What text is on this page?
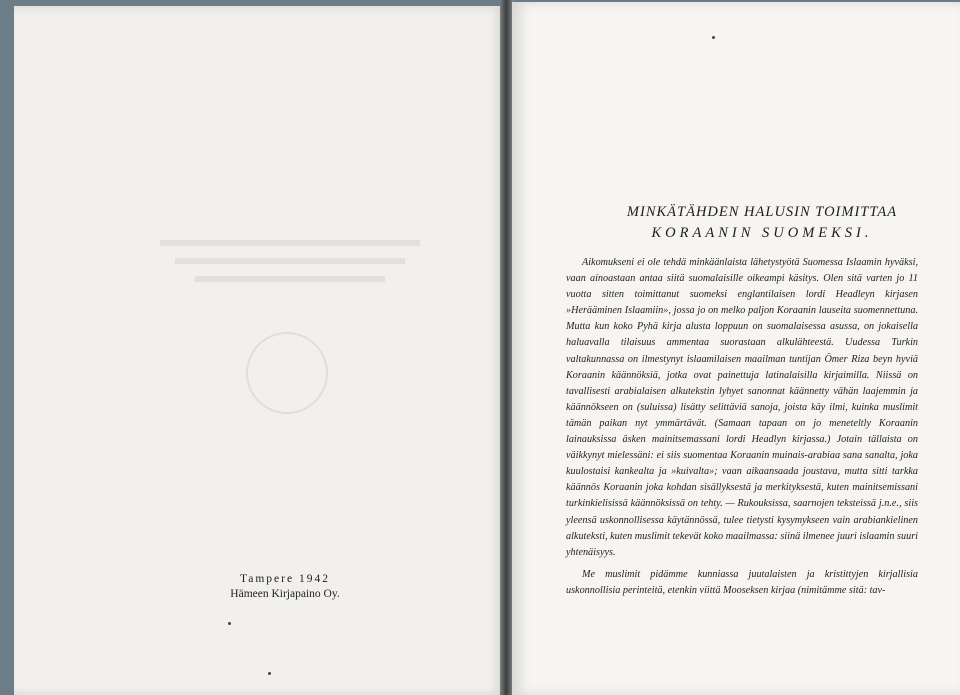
Tampere 1942
Hämeen Kirjapaino Oy.
MINKÄTÄHDEN HALUSIN TOIMITTAA
KORAANIN SUOMEKSI.

Aikomukseni ei ole tehdä minkäänlaista lähetystyötä Suomessa Islaamin hyväksi, vaan ainoastaan antaa siitä suomalaisille oikeampi käsitys. Olen sitä varten jo 11 vuotta sitten toimittanut suomeksi englantilaisen lordi Headleyn kirjasen »Herääminen Islaamiin», jossa jo on melko paljon Koraanin lauseita suomennettuna. Mutta kun koko Pyhä kirja alusta loppuun on suomalaisessa asussa, on jokaisella haluavalla tilaisuus ammentaa suorastaan alkulähteestä. Uudessa Turkin valtakunnassa on ilmestynyt islaamilaisen maailman tuntijan Ömer Riza beyn hyviä Koraanin käännöksiä, jotka ovat painettuja latinalaisilla kirjaimilla. Niissä on tavallisesti arabialaisen alkutekstin lyhyet sanonnat käännetty vähän laajemmin ja käännökseen on (suluissa) lisätty selittäviä sanoja, joista käy ilmi, kuinka muslimit tämän paikan nyt ymmärtävät. (Samaan tapaan on jo meneteltly Koraanin lainauksissa äsken mainitsemassani lordi Headlyn kirjassa.) Jotain tällaista on väikkynyt mielessäni: ei siis suomentaa Koraanin muinais-arabiaa sana sanalta, joka kuulostaisi kankealta ja »kuivalta»; vaan aikaansaada joustava, mutta sitti tarkka käännös Koraanin joka kohdan sisällyksestä ja merkityksestä, kuten mainitsemissani turkinkielisissä käännöksissä on tehty. — Rukouksissa, saarnojen teksteissä j.n.e., siis yleensä uskonnollisessa käytännössä, tulee tietysti kysymykseen vain arabiankielinen alkuteksti, kuten muslimit tekevät koko maailmassa: siinä ilmenee juuri islaamin suuri yhtenäisyys.

Me muslimit pidämme kunniassa juutalaisten ja kristittyjen kirjallisia uskonnollisia perinteitä, etenkin viittä Mooseksen kirjaa (nimitämme sitä: tav-
